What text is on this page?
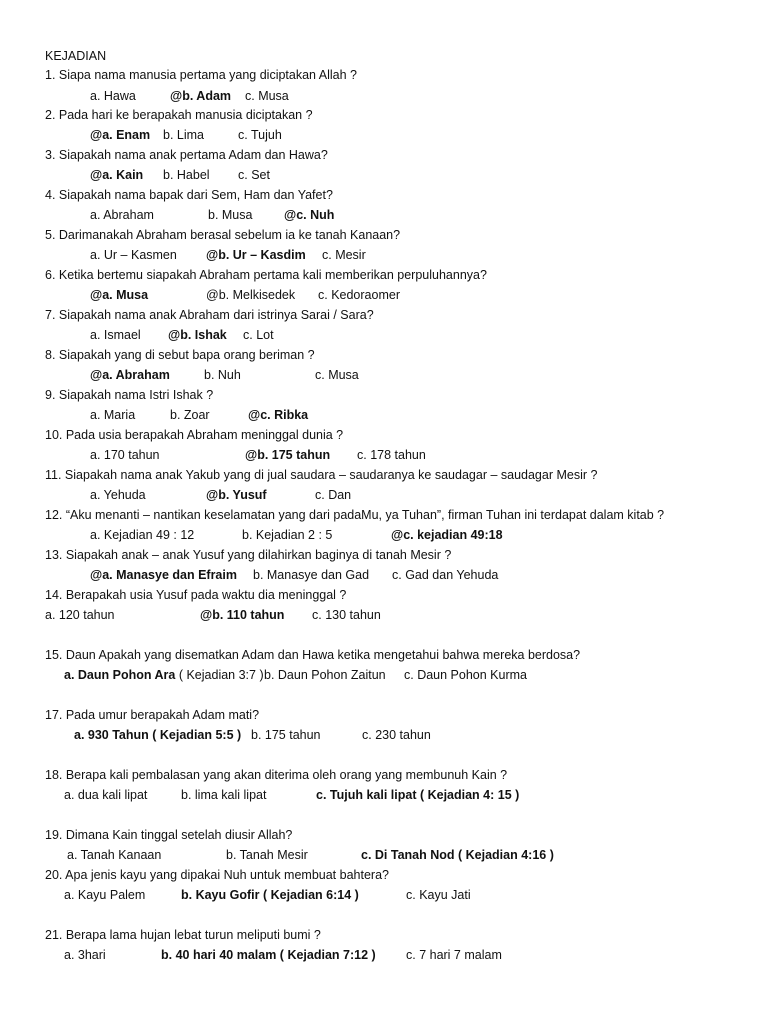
KEJADIAN
1. Siapa nama manusia pertama yang diciptakan Allah ?
a. Hawa	@b. Adam c. Musa
2. Pada hari ke berapakah manusia diciptakan ?
@a. Enam b. Lima	c. Tujuh
3. Siapakah nama anak pertama Adam dan Hawa?
@a. Kain b. Habel c. Set
4. Siapakah nama bapak dari Sem, Ham dan Yafet?
a. Abraham	b. Musa	@c. Nuh
5. Darimanakah Abraham berasal sebelum ia ke tanah Kanaan?
a. Ur – Kasmen @b. Ur – Kasdim c. Mesir
6. Ketika bertemu siapakah Abraham pertama kali memberikan perpuluhannya?
@a. Musa	@b. Melkisedek c. Kedoraomer
7. Siapakah nama anak Abraham dari istrinya Sarai / Sara?
a. Ismael @b. Ishak c. Lot
8. Siapakah yang di sebut bapa orang beriman ?
@a. Abraham	b. Nuh	c. Musa
9. Siapakah nama Istri Ishak ?
a. Maria	b. Zoar	@c. Ribka
10. Pada usia berapakah Abraham meninggal dunia ?
a. 170 tahun	@b. 175 tahun c. 178 tahun
11. Siapakah nama anak Yakub yang di jual saudara – saudaranya ke saudagar – saudagar Mesir ?
a. Yehuda	@b. Yusuf	c. Dan
12. “Aku menanti – nantikan keselamatan yang dari padaMu, ya Tuhan”, firman Tuhan ini terdapat dalam kitab ?
a. Kejadian 49 : 12	b. Kejadian 2 : 5	@c. kejadian 49:18
13. Siapakah anak – anak Yusuf yang dilahirkan baginya di tanah Mesir ?
@a. Manasye dan Efraim b. Manasye dan Gad c. Gad dan Yehuda
14. Berapakah usia Yusuf pada waktu dia meninggal ?
a. 120 tahun	@b. 110 tahun c. 130 tahun
15. Daun Apakah yang disematkan Adam dan Hawa ketika mengetahui bahwa mereka berdosa?
a. Daun Pohon Ara ( Kejadian 3:7 ) b. Daun Pohon Zaitun c. Daun Pohon Kurma
17. Pada umur berapakah Adam mati?
a. 930 Tahun ( Kejadian 5:5 ) b. 175 tahun	c. 230 tahun
18. Berapa kali pembalasan yang akan diterima oleh orang yang membunuh Kain ?
a. dua kali lipat	b. lima kali lipat	c. Tujuh kali lipat ( Kejadian 4: 15 )
19. Dimana Kain tinggal setelah diusir Allah?
a. Tanah Kanaan	b. Tanah Mesir	c. Di Tanah Nod ( Kejadian 4:16 )
20. Apa jenis kayu yang dipakai Nuh untuk membuat bahtera?
a. Kayu Palem	b. Kayu Gofir ( Kejadian 6:14 )	c. Kayu Jati
21. Berapa lama hujan lebat turun meliputi bumi ?
a. 3hari	b. 40 hari 40 malam ( Kejadian 7:12 ) c. 7 hari 7 malam
